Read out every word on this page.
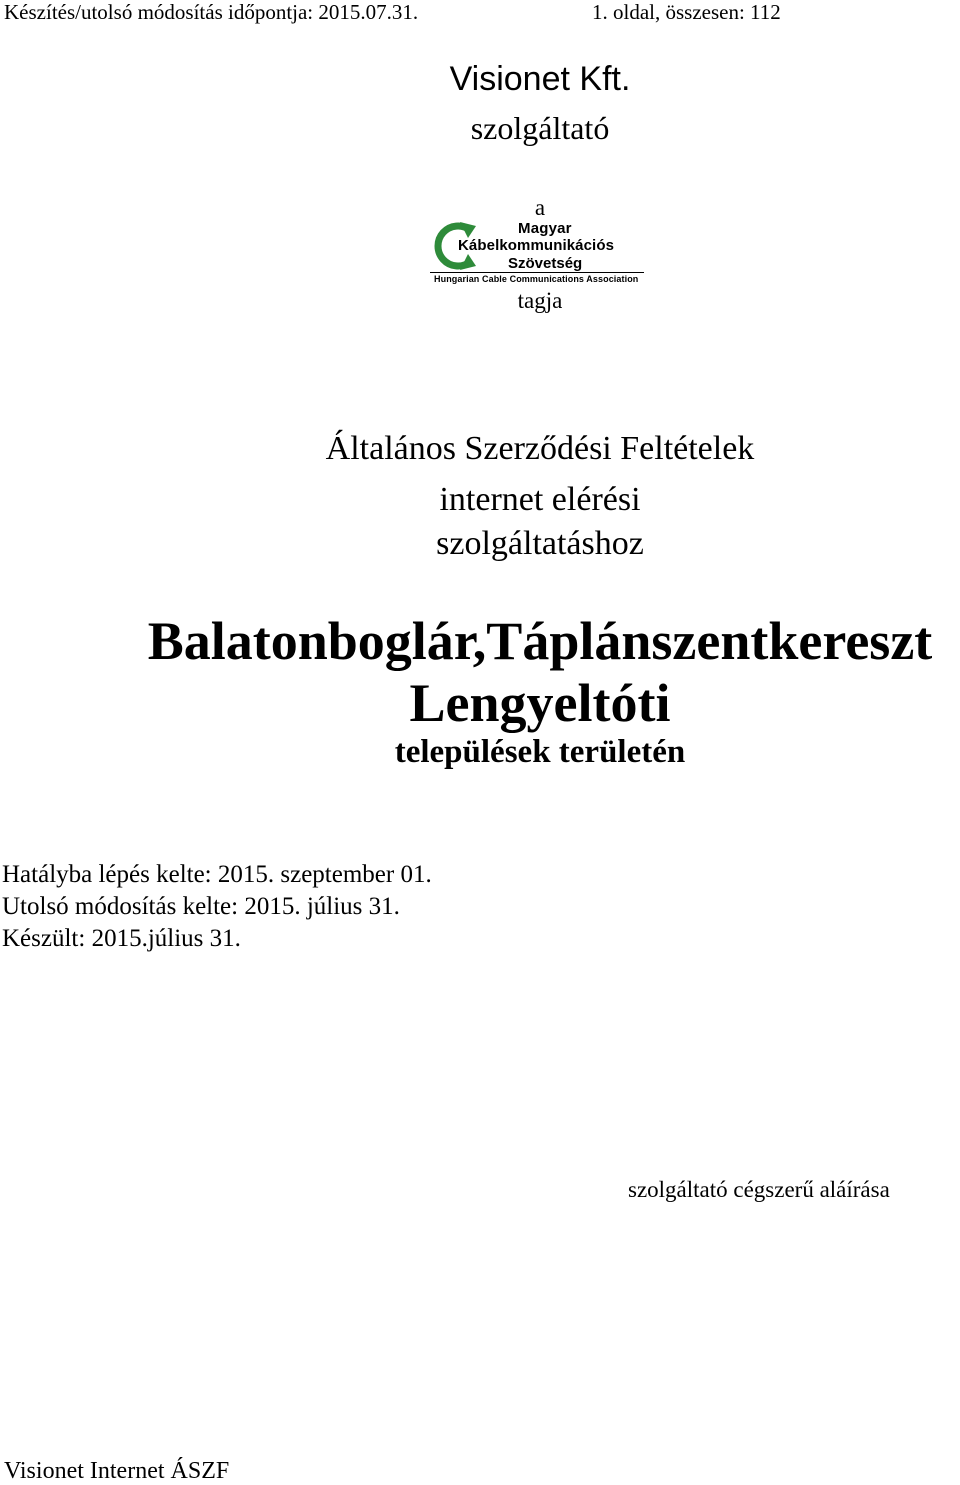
Készítés/utolsó módosítás időpontja: 2015.07.31.	1. oldal, összesen: 112
Visionet Kft.
szolgáltató
a
Magyar
Kábelkommunikációs
Szövetség
Hungarian Cable Communications Association
tagja
Általános Szerződési Feltételek
internet elérési
szolgáltatáshoz
Balatonboglár,Táplánszentkereszt
Lengyeltóti
települések területén
Hatályba lépés kelte: 2015. szeptember 01.
Utolsó módosítás kelte: 2015. július 31.
Készült: 2015.július 31.
szolgáltató cégszerű aláírása
Visionet Internet ÁSZF
